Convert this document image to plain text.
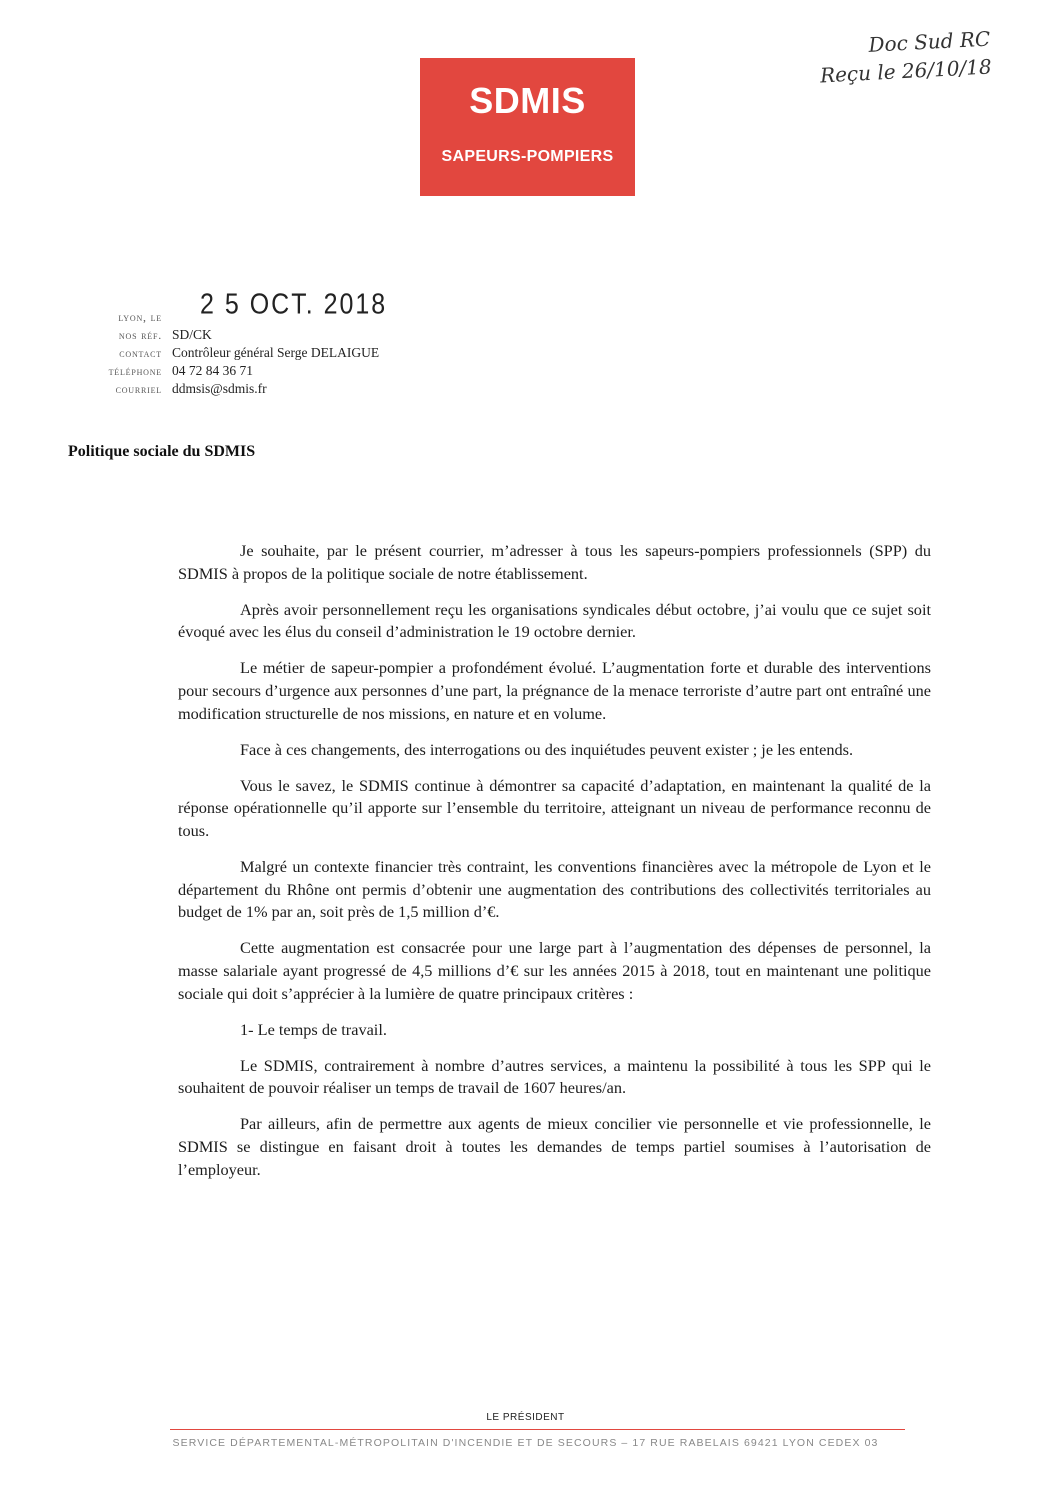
SDMIS
SAPEURS-POMPIERS
Doc Sud RC
Reçu le 26/10/18
2 5 OCT. 2018
lyon, le
nos réf. SD/CK
contact Contrôleur général Serge DELAIGUE
téléphone 04 72 84 36 71
courriel ddmsis@sdmis.fr
Politique sociale du SDMIS

Je souhaite, par le présent courrier, m’adresser à tous les sapeurs-pompiers professionnels (SPP) du SDMIS à propos de la politique sociale de notre établissement.

Après avoir personnellement reçu les organisations syndicales début octobre, j’ai voulu que ce sujet soit évoqué avec les élus du conseil d’administration le 19 octobre dernier.

Le métier de sapeur-pompier a profondément évolué. L’augmentation forte et durable des interventions pour secours d’urgence aux personnes d’une part, la prégnance de la menace terroriste d’autre part ont entraîné une modification structurelle de nos missions, en nature et en volume.

Face à ces changements, des interrogations ou des inquiétudes peuvent exister ; je les entends.

Vous le savez, le SDMIS continue à démontrer sa capacité d’adaptation, en maintenant la qualité de la réponse opérationnelle qu’il apporte sur l’ensemble du territoire, atteignant un niveau de performance reconnu de tous.

Malgré un contexte financier très contraint, les conventions financières avec la métropole de Lyon et le département du Rhône ont permis d’obtenir une augmentation des contributions des collectivités territoriales au budget de 1% par an, soit près de 1,5 million d’€.

Cette augmentation est consacrée pour une large part à l’augmentation des dépenses de personnel, la masse salariale ayant progressé de 4,5 millions d’€ sur les années 2015 à 2018, tout en maintenant une politique sociale qui doit s’apprécier à la lumière de quatre principaux critères :

1- Le temps de travail.

Le SDMIS, contrairement à nombre d’autres services, a maintenu la possibilité à tous les SPP qui le souhaitent de pouvoir réaliser un temps de travail de 1607 heures/an.

Par ailleurs, afin de permettre aux agents de mieux concilier vie personnelle et vie professionnelle, le SDMIS se distingue en faisant droit à toutes les demandes de temps partiel soumises à l’autorisation de l’employeur.

LE PRÉSIDENT
SERVICE DÉPARTEMENTAL-MÉTROPOLITAIN D'INCENDIE ET DE SECOURS – 17 RUE RABELAIS 69421 LYON CEDEX 03
